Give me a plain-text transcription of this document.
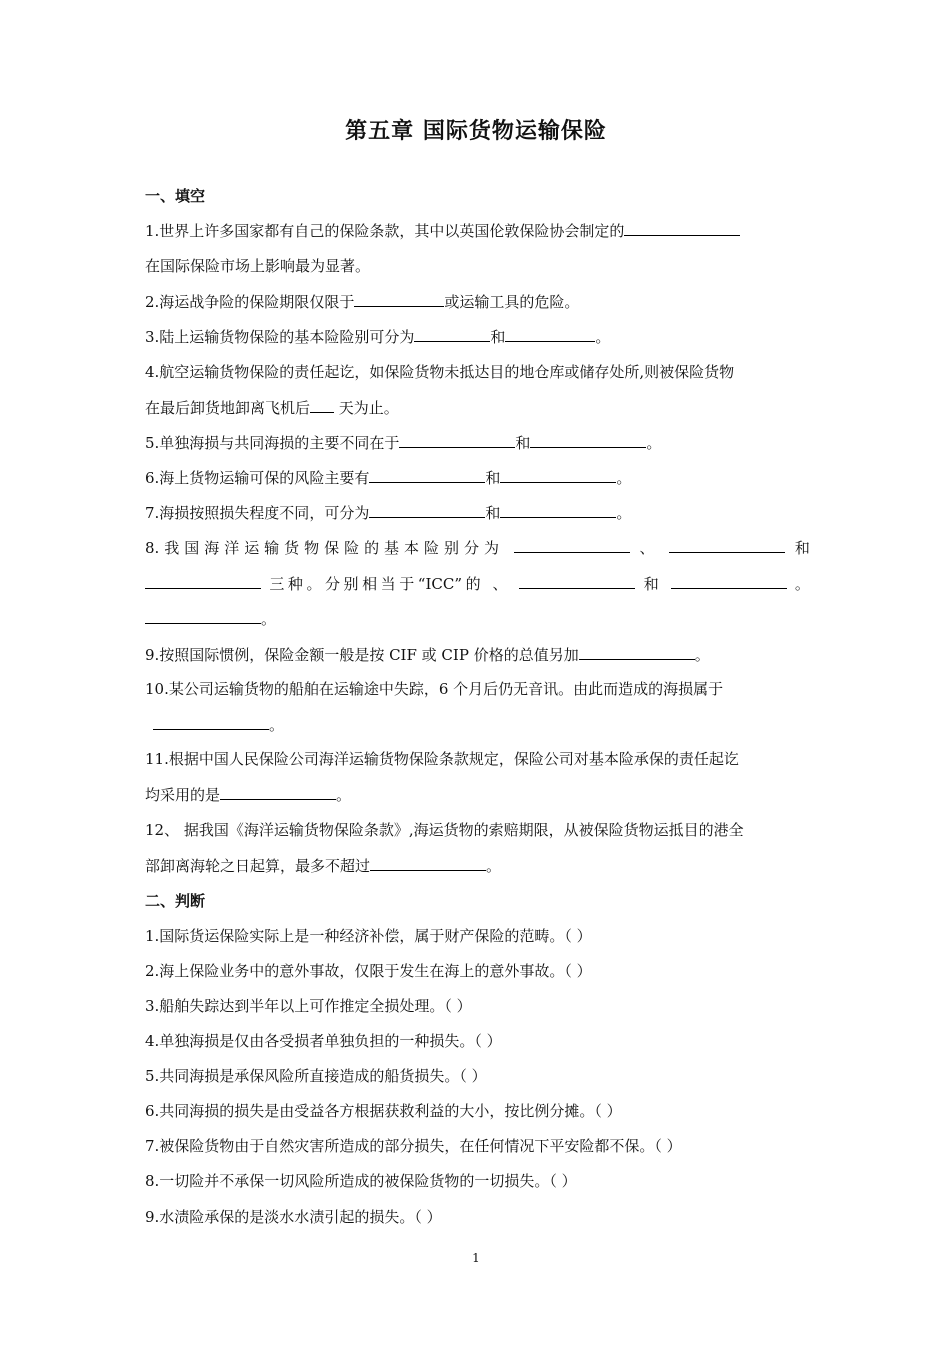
第五章 国际货物运输保险
一、填空
1.世界上许多国家都有自己的保险条款，其中以英国伦敦保险协会制定的
在国际保险市场上影响最为显著。
2.海运战争险的保险期限仅限于	或运输工具的危险。
3.陆上运输货物保险的基本险险别可分为	和	。
4.航空运输货物保险的责任起讫，如保险货物未抵达目的地仓库或储存处所,则被保险货物
在最后卸货地卸离飞机后 天为止。
5.单独海损与共同海损的主要不同在于	和	。
6.海上货物运输可保的风险主要有	和	。
7.海损按照损失程度不同，可分为	和	。
8.我国海洋运输货物保险的基本险别分为	、	和
三种。分别相当于“ICC”的 、	和	。
。
9.按照国际惯例，保险金额一般是按 CIF 或 CIP 价格的总值另加	。
10.某公司运输货物的船舶在运输途中失踪，6 个月后仍无音讯。由此而造成的海损属于
。
11.根据中国人民保险公司海洋运输货物保险条款规定，保险公司对基本险承保的责任起讫
均采用的是	。
12、 据我国《海洋运输货物保险条款》,海运货物的索赔期限，从被保险货物运抵目的港全
部卸离海轮之日起算，最多不超过	。
二、判断
1.国际货运保险实际上是一种经济补偿，属于财产保险的范畴。（ ）
2.海上保险业务中的意外事故，仅限于发生在海上的意外事故。（ ）
3.船舶失踪达到半年以上可作推定全损处理。（ ）
4.单独海损是仅由各受损者单独负担的一种损失。（ ）
5.共同海损是承保风险所直接造成的船货损失。（ ）
6.共同海损的损失是由受益各方根据获救利益的大小，按比例分摊。（ ）
7.被保险货物由于自然灾害所造成的部分损失，在任何情况下平安险都不保。（ ）
8.一切险并不承保一切风险所造成的被保险货物的一切损失。（ ）
9.水渍险承保的是淡水水渍引起的损失。（ ）
1
